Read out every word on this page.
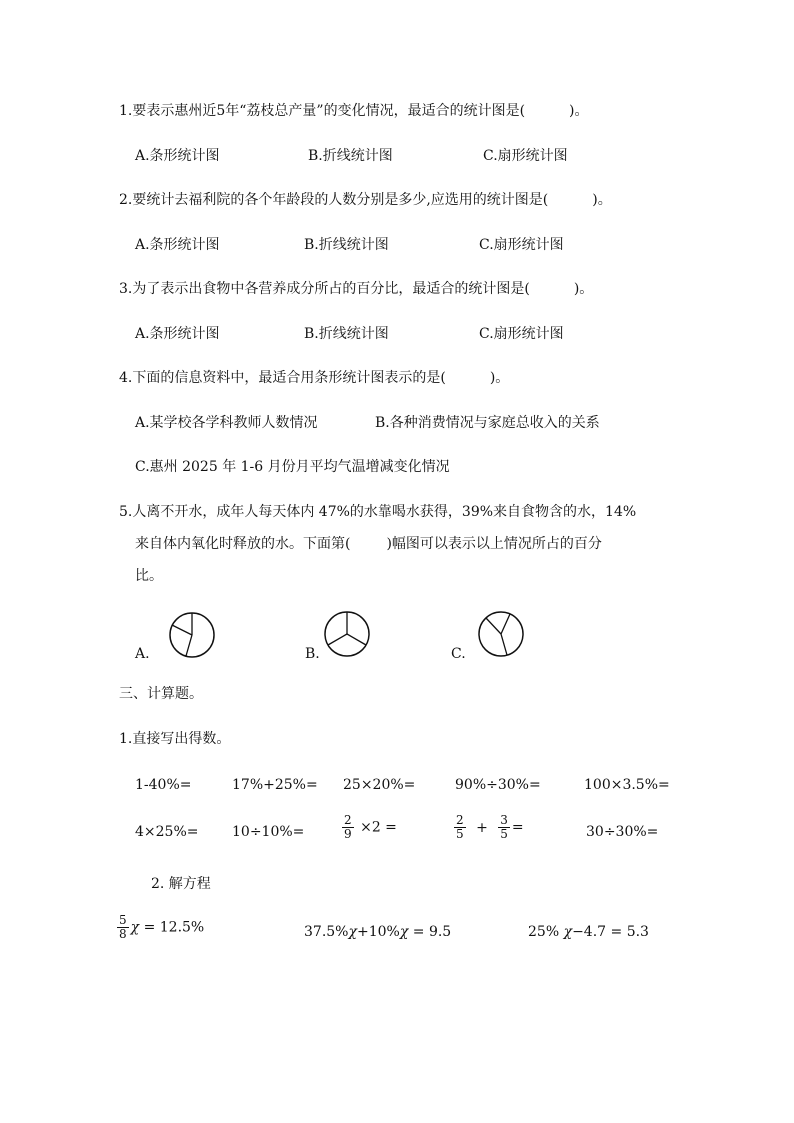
1.要表示惠州近5年“荔枝总产量”的变化情况，最适合的统计图是(	)。
A.条形统计图	B.折线统计图	C.扇形统计图
2.要统计去福利院的各个年龄段的人数分别是多少,应选用的统计图是(	)。
A.条形统计图	B.折线统计图	C.扇形统计图
3.为了表示出食物中各营养成分所占的百分比，最适合的统计图是(	)。
A.条形统计图	B.折线统计图	C.扇形统计图
4.下面的信息资料中，最适合用条形统计图表示的是(	)。
A.某学校各学科教师人数情况	B.各种消费情况与家庭总收入的关系
C.惠州 2025 年 1-6 月份月平均气温增减变化情况
5.人离不开水，成年人每天体内 47%的水靠喝水获得，39%来自食物含的水，14%
来自体内氧化时释放的水。下面第(	)幅图可以表示以上情况所占的百分
比。
A.	B.	C.
三、计算题。
1.直接写出得数。
1-40%=	17%+25%= 25×20%=	90%÷30%=	100×3.5%=
4×25%= 10÷10%=	$\frac{2}{9} \times 2$ =	$\frac{2}{5} + \frac{3}{5}$ =	30÷30%=
2. 解方程
$\frac{5}{8}$ χ = 12.5%	37.5%χ+10%χ = 9.5	25% χ−4.7 = 5.3
